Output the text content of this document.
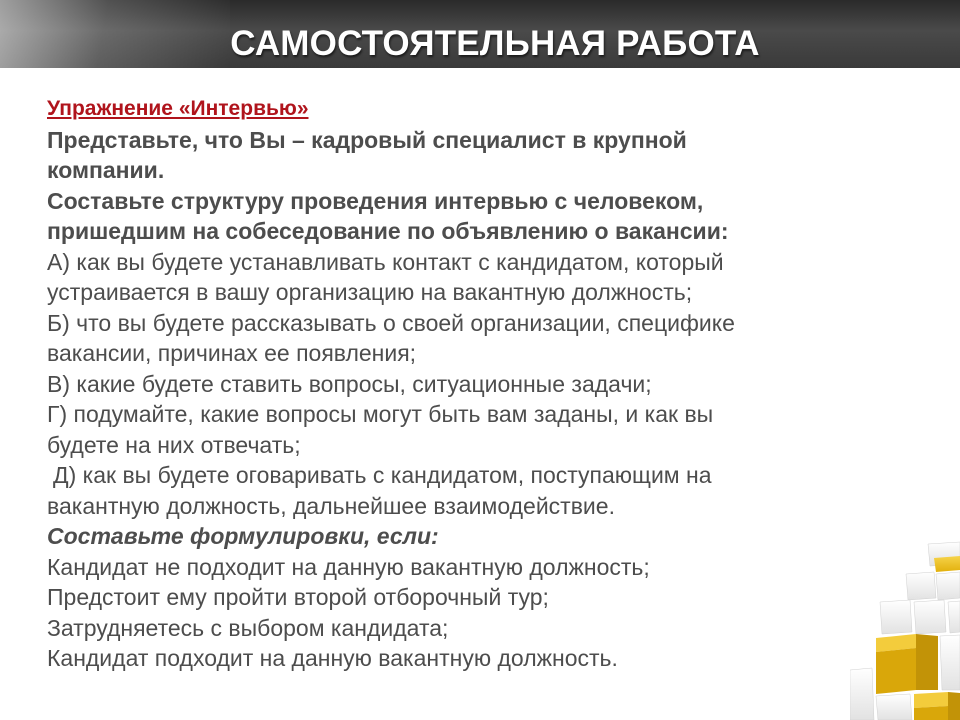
САМОСТОЯТЕЛЬНАЯ РАБОТА

Упражнение «Интервью»

Представьте, что Вы – кадровый специалист в крупной

компании.

Составьте структуру проведения интервью с человеком,

пришедшим на собеседование по объявлению о вакансии:

А) как вы будете устанавливать контакт с кандидатом, который

устраивается в вашу организацию на вакантную должность;

Б) что вы будете рассказывать о своей организации, специфике

вакансии, причинах ее появления;

В) какие будете ставить вопросы, ситуационные задачи;

Г) подумайте, какие вопросы могут быть вам заданы, и как вы

будете на них отвечать;

Д) как вы будете оговаривать с кандидатом, поступающим на

вакантную должность, дальнейшее взаимодействие.

Составьте формулировки, если:

Кандидат не подходит на данную вакантную должность;

Предстоит ему пройти второй отборочный тур;

Затрудняетесь с выбором кандидата;

Кандидат подходит на данную вакантную должность.
